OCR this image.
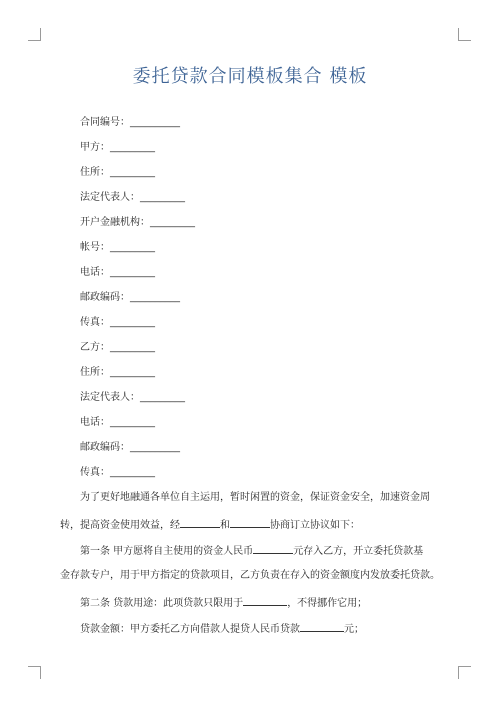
委托贷款合同模板集合 模板
合同编号：__________
甲方：_________
住所：_________
法定代表人：_________
开户金融机构：_________
帐号：_________
电话：_________
邮政编码：__________
传真：_________
乙方：_________
住所：_________
法定代表人：_________
电话：_________
邮政编码：__________
传真：_________
为了更好地融通各单位自主运用，暂时闲置的资金，保证资金安全，加速资金周
转，提高资金使用效益，经	和	协商订立协议如下：
第一条 甲方愿将自主使用的资金人民币	元存入乙方，开立委托贷款基
金存款专户，用于甲方指定的贷款项目，乙方负责在存入的资金额度内发放委托贷款。
第二条 贷款用途：此项贷款只限用于	，不得挪作它用；
贷款金额：甲方委托乙方向借款人提贷人民币贷款	元；
